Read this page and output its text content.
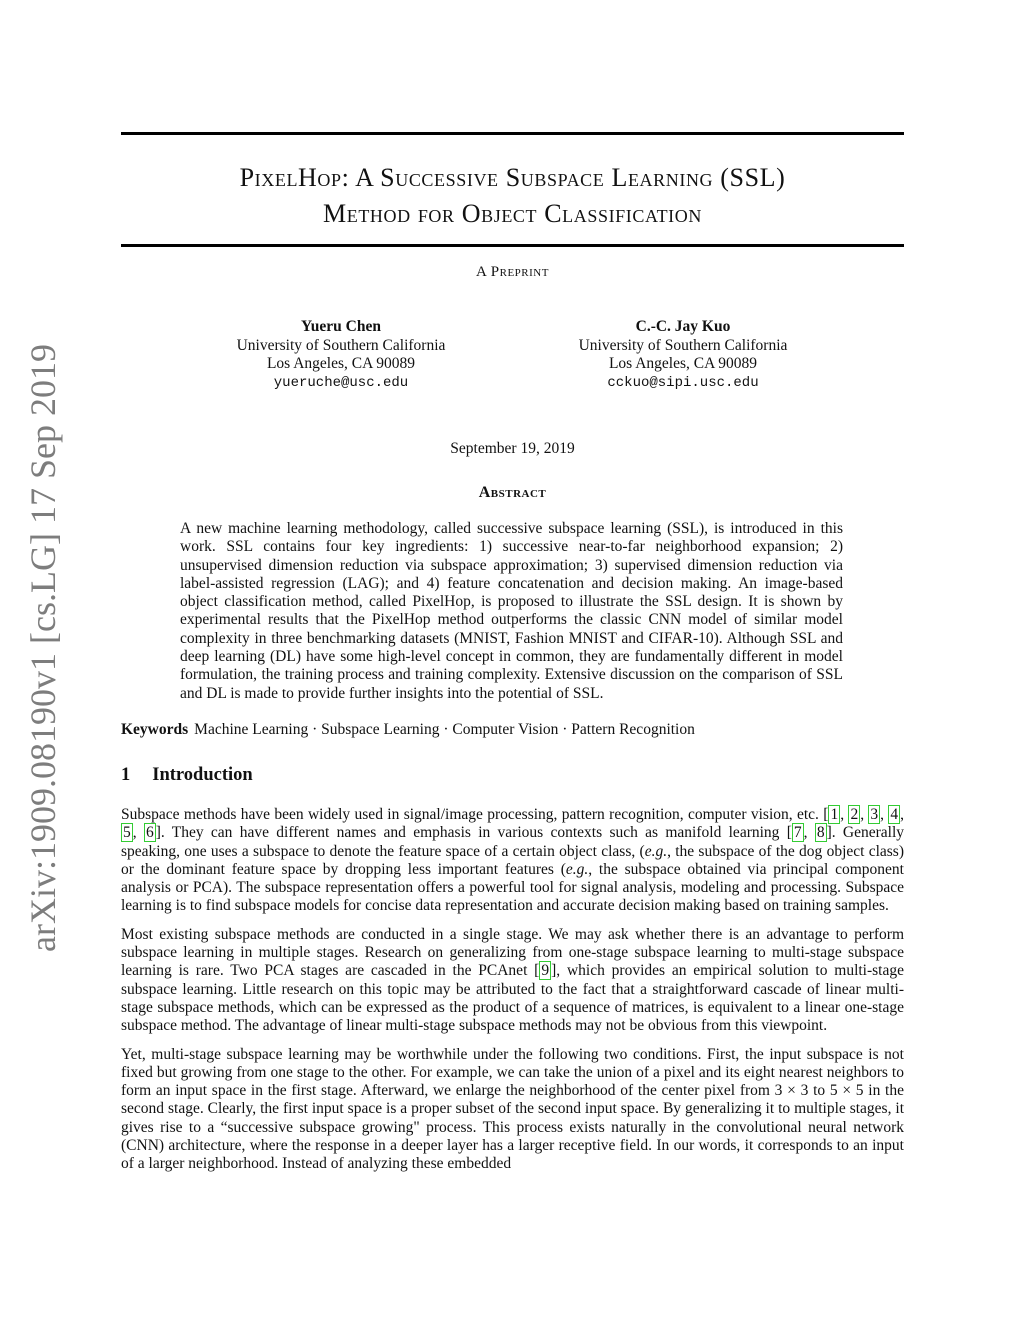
arXiv:1909.08190v1 [cs.LG] 17 Sep 2019
PixelHop: A Successive Subspace Learning (SSL)
Method for Object Classification
A Preprint
Yueru Chen
University of Southern California
Los Angeles, CA 90089
yueruche@usc.edu
C.-C. Jay Kuo
University of Southern California
Los Angeles, CA 90089
cckuo@sipi.usc.edu
September 19, 2019
Abstract
A new machine learning methodology, called successive subspace learning (SSL), is introduced in this work. SSL contains four key ingredients: 1) successive near-to-far neighborhood expansion; 2) unsupervised dimension reduction via subspace approximation; 3) supervised dimension reduction via label-assisted regression (LAG); and 4) feature concatenation and decision making. An image-based object classification method, called PixelHop, is proposed to illustrate the SSL design. It is shown by experimental results that the PixelHop method outperforms the classic CNN model of similar model complexity in three benchmarking datasets (MNIST, Fashion MNIST and CIFAR-10). Although SSL and deep learning (DL) have some high-level concept in common, they are fundamentally different in model formulation, the training process and training complexity. Extensive discussion on the comparison of SSL and DL is made to provide further insights into the potential of SSL.
Keywords Machine Learning · Subspace Learning · Computer Vision · Pattern Recognition
1 Introduction

Subspace methods have been widely used in signal/image processing, pattern recognition, computer vision, etc. [ 1 , 2 , 3 , 4 , 5 , 6 ]. They can have different names and emphasis in various contexts such as manifold learning [ 7 , 8 ]. Generally speaking, one uses a subspace to denote the feature space of a certain object class, (e.g., the subspace of the dog object class) or the dominant feature space by dropping less important features (e.g., the subspace obtained via principal component analysis or PCA). The subspace representation offers a powerful tool for signal analysis, modeling and processing. Subspace learning is to find subspace models for concise data representation and accurate decision making based on training samples.

Most existing subspace methods are conducted in a single stage. We may ask whether there is an advantage to perform subspace learning in multiple stages. Research on generalizing from one-stage subspace learning to multi-stage subspace learning is rare. Two PCA stages are cascaded in the PCAnet [ 9 ], which provides an empirical solution to multi-stage subspace learning. Little research on this topic may be attributed to the fact that a straightforward cascade of linear multi-stage subspace methods, which can be expressed as the product of a sequence of matrices, is equivalent to a linear one-stage subspace method. The advantage of linear multi-stage subspace methods may not be obvious from this viewpoint.

Yet, multi-stage subspace learning may be worthwhile under the following two conditions. First, the input subspace is not fixed but growing from one stage to the other. For example, we can take the union of a pixel and its eight nearest neighbors to form an input space in the first stage. Afterward, we enlarge the neighborhood of the center pixel from 3 × 3 to 5 × 5 in the second stage. Clearly, the first input space is a proper subset of the second input space. By generalizing it to multiple stages, it gives rise to a “successive subspace growing" process. This process exists naturally in the convolutional neural network (CNN) architecture, where the response in a deeper layer has a larger receptive field. In our words, it corresponds to an input of a larger neighborhood. Instead of analyzing these embedded
